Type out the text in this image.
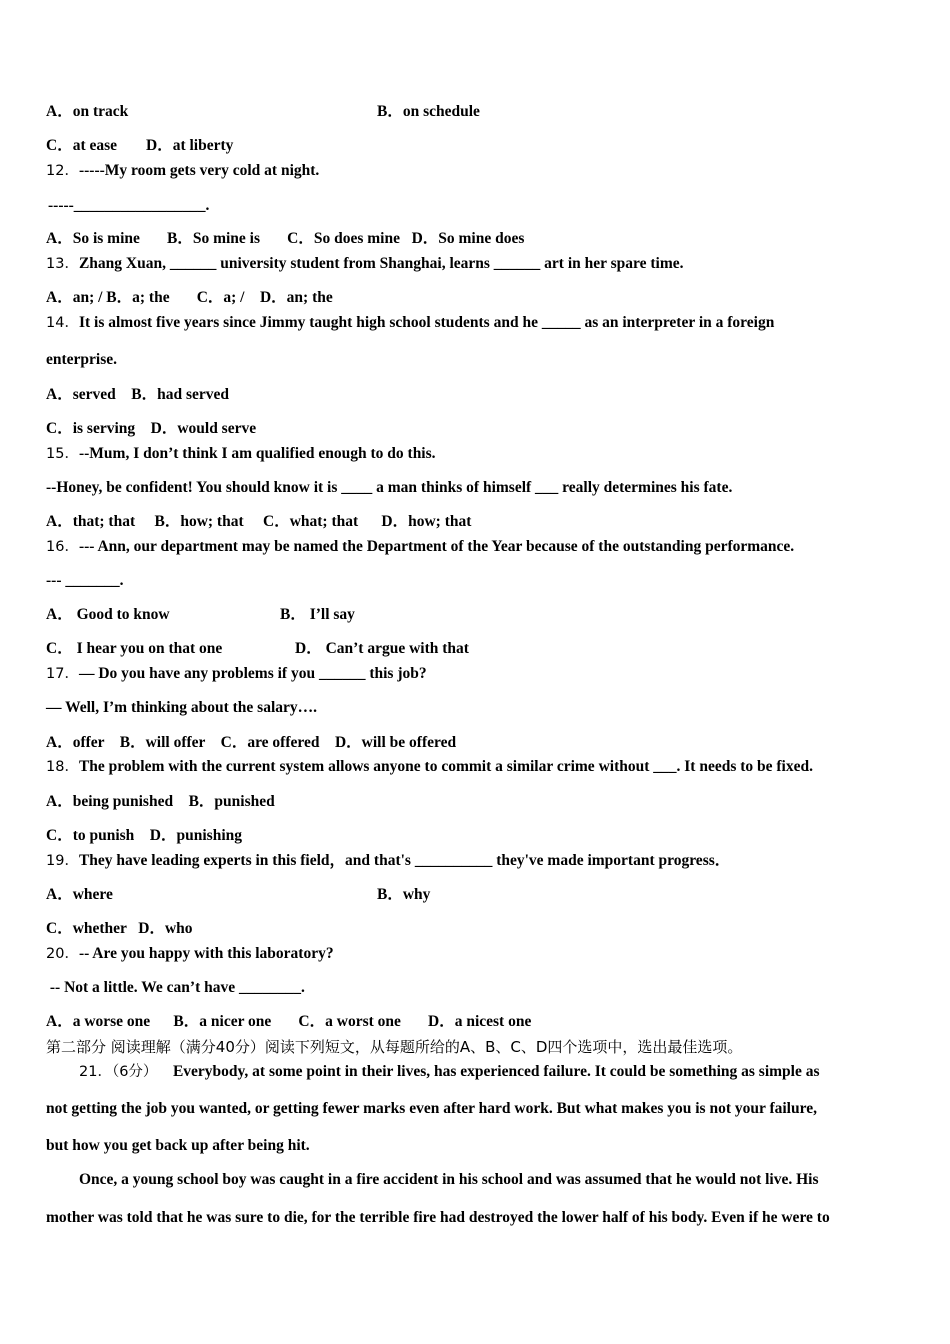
A．on track	B．on schedule
C．at ease D．at liberty
12．-----My room gets very cold at night.
-----_________________.
A．So is mine       B．So mine is       C．So does mine   D．So mine does
13．Zhang Xuan, ______ university student from Shanghai, learns ______ art in her spare time.
A．an; / B．a; the       C．a; /    D．an; the
14．It is almost five years since Jimmy taught high school students and he _____ as an interpreter in a foreign
enterprise.
A．served    B．had served
C．is serving    D．would serve
15．--Mum, I don’t think I am qualified enough to do this.
--Honey, be confident! You should know it is ____ a man thinks of himself ___ really determines his fate.
A．that; that     B．how; that     C．what; that      D．how; that
16．--- Ann, our department may be named the Department of the Year because of the outstanding performance.
--- _______.
A． Good to know	B． I’ll say
C． I hear you on that one	D． Can’t argue with that
17．— Do you have any problems if you ______ this job?
— Well, I’m thinking about the salary….
A．offer    B．will offer    C．are offered    D．will be offered
18．The problem with the current system allows anyone to commit a similar crime without ___. It needs to be fixed.
A．being punished    B．punished
C．to punish    D．punishing
19．They have leading experts in this field，and that's __________ they've made important progress．
A．where	B．why
C．whether   D．who
20．-- Are you happy with this laboratory?
-- Not a little. We can’t have ________.
A．a worse one      B．a nicer one       C．a worst one       D．a nicest one
第二部分 阅读理解（满分40分）阅读下列短文，从每题所给的A、B、C、D四个选项中，选出最佳选项。
21．（6分） Everybody, at some point in their lives, has experienced failure. It could be something as simple as
not getting the job you wanted, or getting fewer marks even after hard work. But what makes you is not your failure,
but how you get back up after being hit.
Once, a young school boy was caught in a fire accident in his school and was assumed that he would not live. His
mother was told that he was sure to die, for the terrible fire had destroyed the lower half of his body. Even if he were to
